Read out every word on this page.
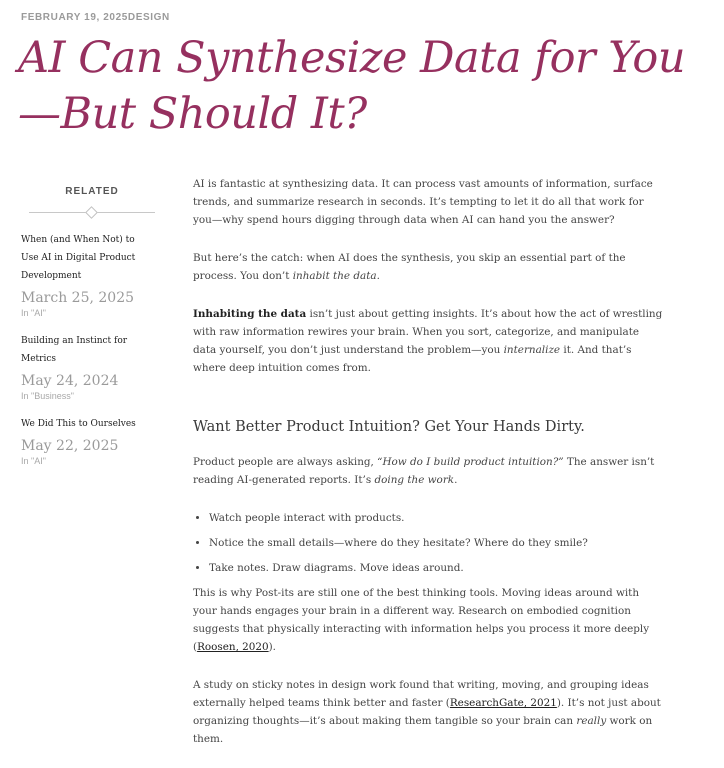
FEBRUARY 19, 2025DESIGN
AI Can Synthesize Data for You
—But Should It?
RELATED
When (and When Not) to Use AI in Digital Product Development
March 25, 2025
In "AI"
Building an Instinct for Metrics
May 24, 2024
In "Business"
We Did This to Ourselves
May 22, 2025
In "AI"

AI is fantastic at synthesizing data. It can process vast amounts of information, surface trends, and summarize research in seconds. It’s tempting to let it do all that work for you—why spend hours digging through data when AI can hand you the answer?

But here’s the catch: when AI does the synthesis, you skip an essential part of the process. You don’t inhabit the data.

Inhabiting the data isn’t just about getting insights. It’s about how the act of wrestling with raw information rewires your brain. When you sort, categorize, and manipulate data yourself, you don’t just understand the problem—you internalize it. And that’s where deep intuition comes from.

Want Better Product Intuition? Get Your Hands Dirty.

Product people are always asking, “How do I build product intuition?” The answer isn’t reading AI-generated reports. It’s doing the work.

• Watch people interact with products.
• Notice the small details—where do they hesitate? Where do they smile?
• Take notes. Draw diagrams. Move ideas around.

This is why Post-its are still one of the best thinking tools. Moving ideas around with your hands engages your brain in a different way. Research on embodied cognition suggests that physically interacting with information helps you process it more deeply (Roosen, 2020).

A study on sticky notes in design work found that writing, moving, and grouping ideas externally helped teams think better and faster (ResearchGate, 2021). It’s not just about organizing thoughts—it’s about making them tangible so your brain can really work on them.
